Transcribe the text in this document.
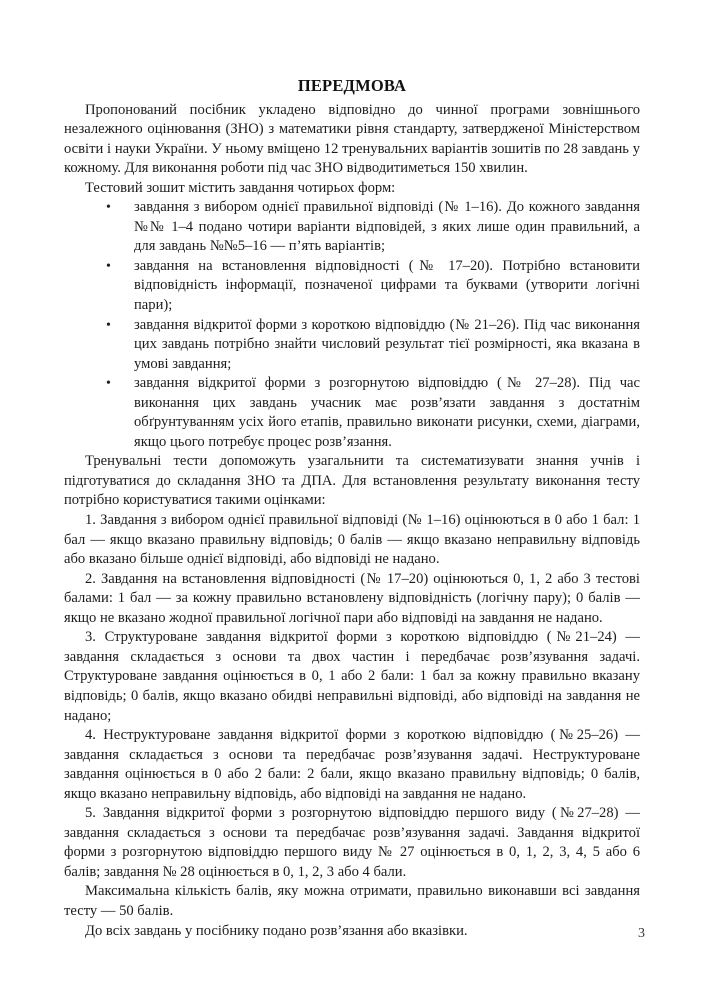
ПЕРЕДМОВА

Пропонований посібник укладено відповідно до чинної програми зовнішнього незалежного оцінювання (ЗНО) з математики рівня стандарту, затвердженої Міністерством освіти і науки України. У ньому вміщено 12 тренувальних варіантів зошитів по 28 завдань у кожному. Для виконання роботи під час ЗНО відводитиметься 150 хвилин.

Тестовий зошит містить завдання чотирьох форм:

• завдання з вибором однієї правильної відповіді (№ 1–16). До кожного завдання №№ 1–4 подано чотири варіанти відповідей, з яких лише один правильний, а для завдань №№5–16 — п’ять варіантів;
• завдання на встановлення відповідності (№ 17–20). Потрібно встановити відповідність інформації, позначеної цифрами та буквами (утворити логічні пари);
• завдання відкритої форми з короткою відповіддю (№ 21–26). Під час виконання цих завдань потрібно знайти числовий результат тієї розмірності, яка вказана в умові завдання;
• завдання відкритої форми з розгорнутою відповіддю (№ 27–28). Під час виконання цих завдань учасник має розв’язати завдання з достатнім обґрунтуванням усіх його етапів, правильно виконати рисунки, схеми, діаграми, якщо цього потребує процес розв’язання.

Тренувальні тести допоможуть узагальнити та систематизувати знання учнів і підготуватися до складання ЗНО та ДПА. Для встановлення результату виконання тесту потрібно користуватися такими оцінками:

1. Завдання з вибором однієї правильної відповіді (№ 1–16) оцінюються в 0 або 1 бал: 1 бал — якщо вказано правильну відповідь; 0 балів — якщо вказано неправильну відповідь або вказано більше однієї відповіді, або відповіді не надано.

2. Завдання на встановлення відповідності (№ 17–20) оцінюються 0, 1, 2 або 3 тестові балами: 1 бал — за кожну правильно встановлену відповідність (логічну пару); 0 балів — якщо не вказано жодної правильної логічної пари або відповіді на завдання не надано.

3. Структуроване завдання відкритої форми з короткою відповіддю (№21–24) — завдання складається з основи та двох частин і передбачає розв’язування задачі. Структуроване завдання оцінюється в 0, 1 або 2 бали: 1 бал за кожну правильно вказану відповідь; 0 балів, якщо вказано обидві неправильні відповіді, або відповіді на завдання не надано;

4. Неструктуроване завдання відкритої форми з короткою відповіддю (№25–26) — завдання складається з основи та передбачає розв’язування задачі. Неструктуроване завдання оцінюється в 0 або 2 бали: 2 бали, якщо вказано правильну відповідь; 0 балів, якщо вказано неправильну відповідь, або відповіді на завдання не надано.

5. Завдання відкритої форми з розгорнутою відповіддю першого виду (№27–28) — завдання складається з основи та передбачає розв’язування задачі. Завдання відкритої форми з розгорнутою відповіддю першого виду № 27 оцінюється в 0, 1, 2, 3, 4, 5 або 6 балів; завдання № 28 оцінюється в 0, 1, 2, 3 або 4 бали.

Максимальна кількість балів, яку можна отримати, правильно виконавши всі завдання тесту — 50 балів.

До всіх завдань у посібнику подано розв’язання або вказівки.	3
